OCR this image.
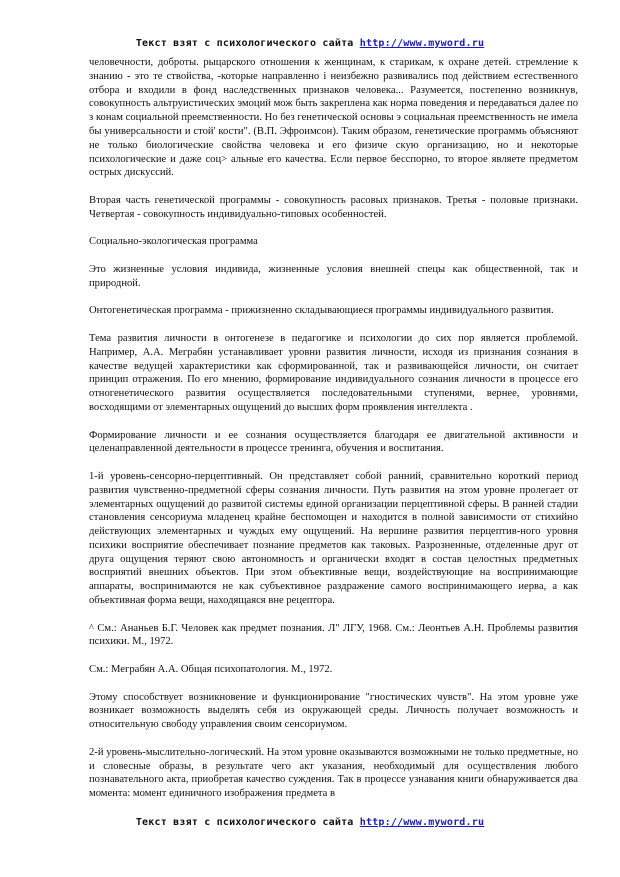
Текст взят с психологического сайта http://www.myword.ru

человечности, доброты. рыцарского отношения к женщинам, к старикам, к охране детей. стремление к знанию - это те ствойства, -которые направленно i неизбежно развивались под действием естественного отбора и входили в фонд наследственных признаков человека... Разумеется, постепенно возникнув, совокупность альтруистических эмоций мож быть закреплена как норма поведения и передаваться далее по з конам социальной преемственности. Но без генетической основы э социальная преемственность не имела бы универсальности и стой' кости". (В.П. Эфроимсон). Таким образом, генетические программь объясняют не только биологические свойства человека и его физиче скую организацию, но и некоторые психологические и даже соц> альные его качества. Если первое бесспорно, то второе являете предметом острых дискуссий.

Вторая часть генетической программы - совокупность расовых признаков. Третья - половые признаки. Четвертая - совокупность индивидуально-типовых особенностей.

Социально-экологическая программа

Это жизненные условия индивида, жизненные условия внешней спецы как общественной, так и природной.

Онтогенетическая программа - прижизненно складывающиеся программы индивидуального развития.

Тема развития личности в онтогенезе в педагогике и психологии до сих пор является проблемой. Например, А.А. Меграбян устанавливает уровни развития личности, исходя из признания сознания в качестве ведущей характеристики как сформированной, так и развивающейся личности, он считает принцип отражения. По его мнению, формирование индивидуального сознания личности в процессе его отногенетического развития осуществляется последовательными ступенями, вернее, уровнями, восходящими от элементарных ощущений до высших форм проявления интеллекта .

Формирование личности и ее сознания осуществляется благодаря ее двигательной активности и целенаправленной деятельности в процессе тренинга, обучения и воспитания.

1-й уровень-сенсорно-перцептивный. Он представляет собой ранний, сравнительно короткий период развития чувственно-предметной сферы сознания личности. Путь развития на этом уровне пролегает от элементарных ощущений до развитой системы единой организации перцептивной сферы. В ранней стадии становления сенсориума младенец крайне беспомощен и находится в полной зависимости от стихийно действующих элементарных и чуждых ему ощущений. На вершине развития перцептив-ного уровня психики восприятие обеспечивает познание предметов как таковых. Разрозненные, отделенные друг от друга ощущения теряют свою автономность и органически входят в состав целостных предметных восприятий внешних объектов. При этом объективные вещи, воздействующие на воспринимающие аппараты, воспринимаются не как субъективное раздражение самого воспринимающего иерва, а как объективная форма вещи, находящаяся вне рецептора.

^ См.: Ананьев Б.Г. Человек как предмет познания. Л" ЛГУ, 1968. См.: Леонтьев А.Н. Проблемы развития психики. М., 1972.

См.: Меграбян А.А. Общая психопатология. М., 1972.

Этому способствует возникновение и функционирование "гностических чувств". На этом уровне уже возникает возможность выделять себя из окружающей среды. Личность получает возможность и относительную свободу управления своим сенсориумом.

2-й уровень-мыслительно-логический. На этом уровне оказываются возможными не только предметные, но и словесные образы, в результате чего акт указания, необходимый для осуществления любого познавательного акта, приобретая качество суждения. Так в процессе узнавания книги обнаруживается два момента: момент единичного изображения предмета в

Текст взят с психологического сайта http://www.myword.ru
